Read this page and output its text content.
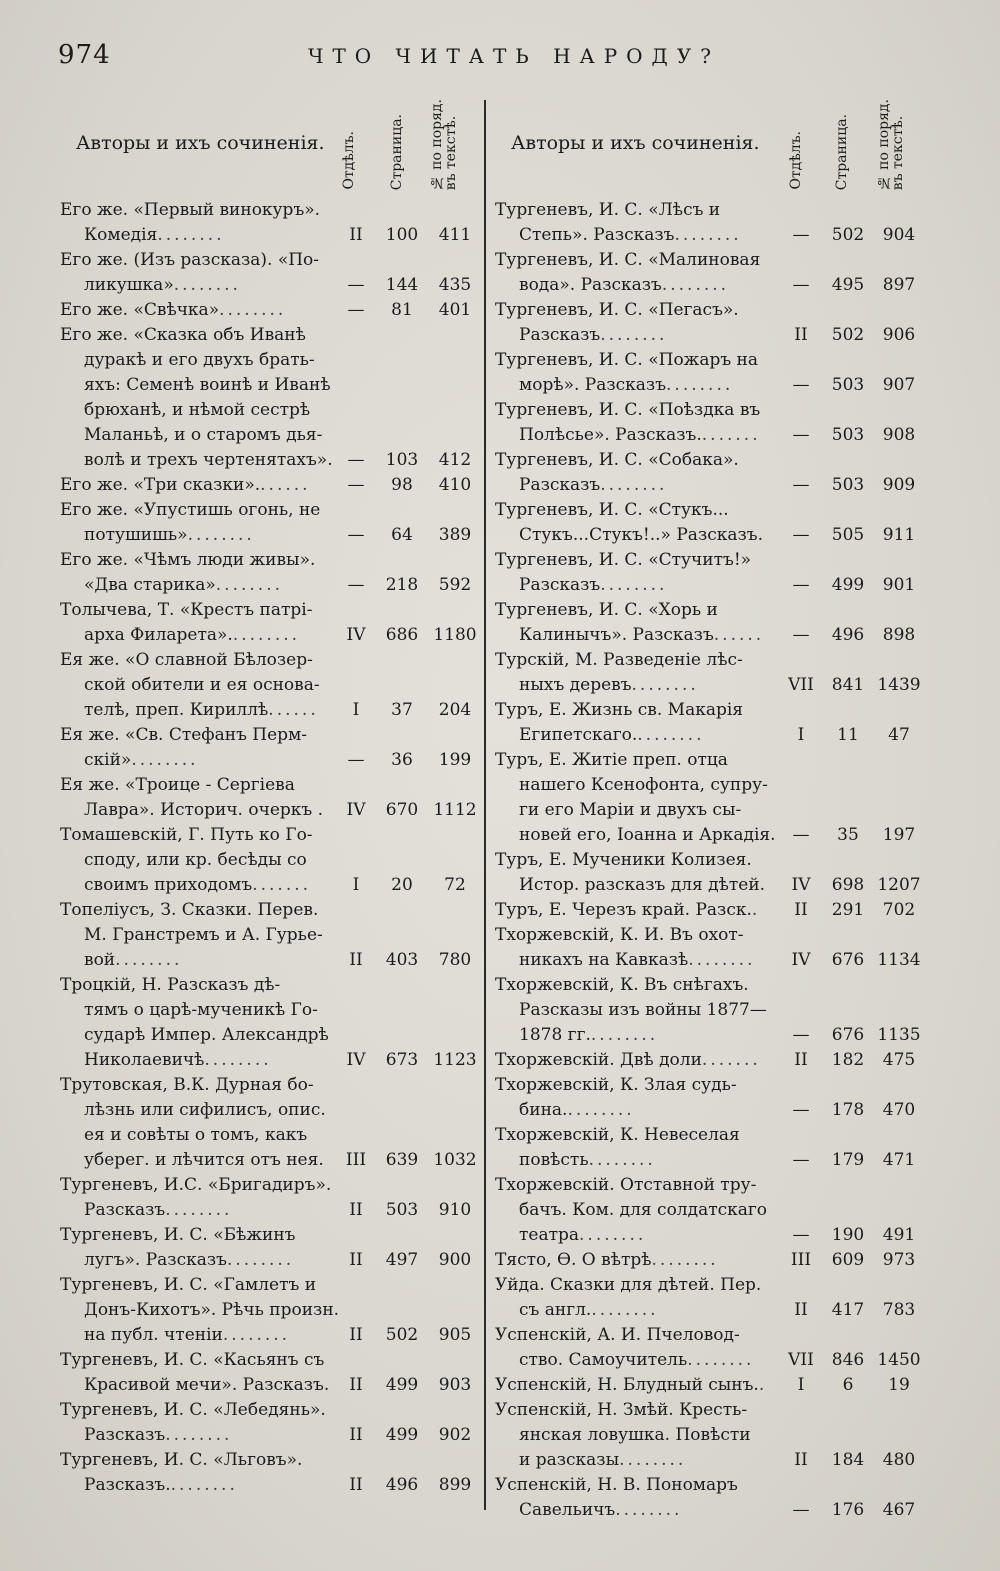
974	ЧТО ЧИТАТЬ НАРОДУ?
Авторы и ихъ сочиненія. Отдѣлъ. Страница. № по поряд.
въ текстѣ.
Его же. «Первый винокуръ».
Комедія........	II	100	411
Его же. (Изъ разсказа). «По-
ликушка»........	—	144	435
Его же. «Свѣчка»........	—	81	401
Его же. «Сказка объ Иванѣ
дуракѣ и его двухъ брать-
яхъ: Семенѣ воинѣ и Иванѣ
брюханѣ, и нѣмой сестрѣ
Маланьѣ, и о старомъ дья-
волѣ и трехъ чертенятахъ». —	103	412
Его же. «Три сказки».......	—	98	410
Его же. «Упустишь огонь, не
потушишь»........	—	64	389
Его же. «Чѣмъ люди живы».
«Два старика»........	—	218	592
Толычева, Т. «Крестъ патрі-
арха Филарета».........	IV	686 1180
Ея же. «О славной Бѣлозер-
ской обители и ея основа-
телѣ, преп. Кириллѣ......	I	37	204
Ея же. «Св. Стефанъ Перм-
скій»........	—	36	199
Ея же. «Троице - Сергіева
Лавра». Историч. очеркъ .	IV	670 1112
Томашевскій, Г. Путь ко Го-
споду, или кр. бесѣды со
своимъ приходомъ.......	I	20	72
Топеліусъ, З. Сказки. Перев.
М. Гранстремъ и А. Гурье-
вой........	II	403	780
Троцкій, Н. Разсказъ дѣ-
тямъ о царѣ-мученикѣ Го-
сударѣ Импер. Александрѣ
Николаевичѣ........	IV	673 1123
Трутовская, В.К. Дурная бо-
лѣзнь или сифилисъ, опис.
ея и совѣты о томъ, какъ
уберег. и лѣчится отъ нея.	III	639 1032
Тургеневъ, И.С. «Бригадиръ».
Разсказъ........	II	503	910
Тургеневъ, И. С. «Бѣжинъ
лугъ». Разсказъ........	II	497	900
Тургеневъ, И. С. «Гамлетъ и
Донъ-Кихотъ». Рѣчь произн.
на публ. чтеніи........	II	502	905
Тургеневъ, И. С. «Касьянъ съ
Красивой мечи». Разсказъ.	II	499	903
Тургеневъ, И. С. «Лебедянь».
Разсказъ........	II	499	902
Тургеневъ, И. С. «Льговъ».
Разсказъ.........	II	496	899
Авторы и ихъ сочиненія. Отдѣлъ. Страница. № по поряд.
въ текстѣ.
Тургеневъ, И. С. «Лѣсъ и
Степь». Разсказъ........	—	502	904
Тургеневъ, И. С. «Малиновая
вода». Разсказъ........	—	495	897
Тургеневъ, И. С. «Пегасъ».
Разсказъ........	II	502	906
Тургеневъ, И. С. «Пожаръ на
морѣ». Разсказъ........	—	503	907
Тургеневъ, И. С. «Поѣздка въ
Полѣсье». Разсказъ........	—	503	908
Тургеневъ, И. С. «Собака».
Разсказъ........	—	503	909
Тургеневъ, И. С. «Стукъ...
Стукъ...Стукъ!..» Разсказъ.	—	505	911
Тургеневъ, И. С. «Стучитъ!»
Разсказъ........	—	499	901
Тургеневъ, И. С. «Хорь и
Калинычъ». Разсказъ......	—	496	898
Турскій, М. Разведеніе лѣс-
ныхъ деревъ........	VII	841 1439
Туръ, Е. Жизнь св. Макарія
Египетскаго.........	I	11	47
Туръ, Е. Житіе преп. отца
нашего Ксенофонта, супру-
ги его Маріи и двухъ сы-
новей его, Іоанна и Аркадія. —	35	197
Туръ, Е. Мученики Колизея.
Истор. разсказъ для дѣтей.	IV	698 1207
Туръ, Е. Черезъ край. Разск..	II	291	702
Тхоржевскій, К. И. Въ охот-
никахъ на Кавказѣ........	IV	676 1134
Тхоржевскій, К. Въ снѣгахъ.
Разсказы изъ войны 1877—
1878 гг.........	—	676 1135
Тхоржевскій. Двѣ доли.......	II	182	475
Тхоржевскій, К. Злая судь-
бина.........	—	178	470
Тхоржевскій, К. Невеселая
повѣсть........	—	179	471
Тхоржевскій. Отставной тру-
бачъ. Ком. для солдатскаго
театра........	—	190	491
Тясто, Ѳ. О вѣтрѣ........	III	609	973
Уйда. Сказки для дѣтей. Пер.
съ англ.........	II	417	783
Успенскій, А. И. Пчеловод-
ство. Самоучитель........	VII	846 1450
Успенскій, Н. Блудный сынъ..	I	6	19
Успенскій, Н. Змѣй. Кресть-
янская ловушка. Повѣсти
и разсказы........	II	184	480
Успенскій, Н. В. Пономаръ
Савельичъ........	—	176	467
